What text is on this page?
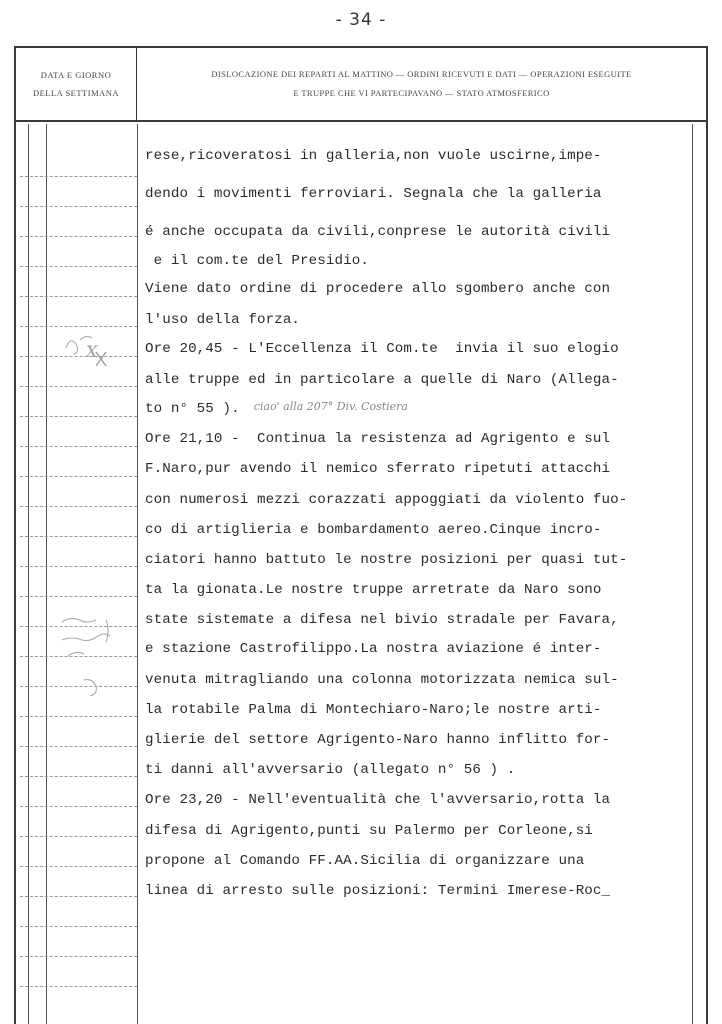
- 34 -
DATA E GIORNO
DELLA SETTIMANA
DISLOCAZIONE DEI REPARTI AL MATTINO — ORDINI RICEVUTI E DATI — OPERAZIONI ESEGUITE
E TRUPPE CHE VI PARTECIPAVANO — STATO ATMOSFERICO
rese,ricoveratosi in galleria,non vuole uscirne,impe-
dendo i movimenti ferroviari. Segnala che la galleria
é anche occupata da civili,conprese le autorità civili
e il com.te del Presidio.
Viene dato ordine di procedere allo sgombero anche con
l'uso della forza.
Ore 20,45 - L'Eccellenza il Com.te  invia il suo elogio
alle truppe ed in particolare a quelle di Naro (Allega-
to n° 55 ). ciao' alla 207° Div. Costiera
Ore 21,10 -  Continua la resistenza ad Agrigento e sul
F.Naro,pur avendo il nemico sferrato ripetuti attacchi
con numerosi mezzi corazzati appoggiati da violento fuo-
co di artiglieria e bombardamento aereo.Cinque incro-
ciatori hanno battuto le nostre posizioni per quasi tut-
ta la gionata.Le nostre truppe arretrate da Naro sono
state sistemate a difesa nel bivio stradale per Favara,
e stazione Castrofilippo.La nostra aviazione é inter-
venuta mitragliando una colonna motorizzata nemica sul-
la rotabile Palma di Montechiaro-Naro;le nostre arti-
glierie del settore Agrigento-Naro hanno inflitto for-
ti danni all'avversario (allegato n° 56 ) .
Ore 23,20 - Nell'eventualità che l'avversario,rotta la
difesa di Agrigento,punti su Palermo per Corleone,si
propone al Comando FF.AA.Sicilia di organizzare una
linea di arresto sulle posizioni: Termini Imerese-Roc_
X
